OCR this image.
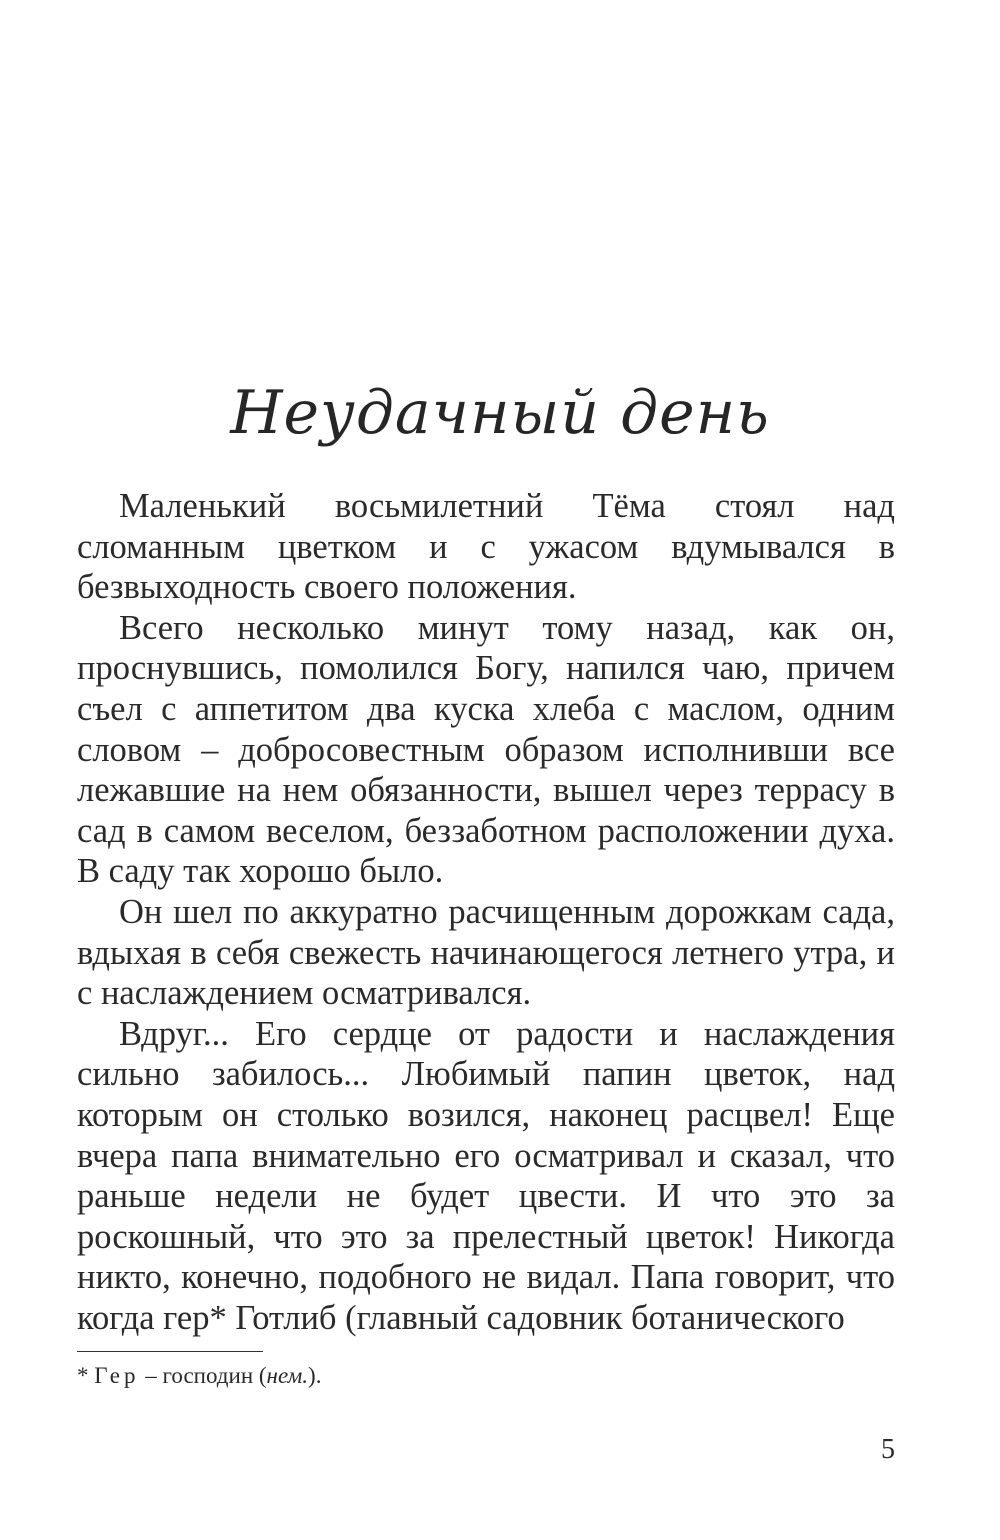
Неудачный день

Маленький восьмилетний Тёма стоял над сломанным цветком и с ужасом вдумывался в безвыходность своего положения.

Всего несколько минут тому назад, как он, проснувшись, помолился Богу, напился чаю, причем съел с аппетитом два куска хлеба с маслом, одним словом – добросовестным образом исполнивши все лежавшие на нем обязанности, вышел через террасу в сад в самом веселом, беззаботном расположении духа. В саду так хорошо было.

Он шел по аккуратно расчищенным дорожкам сада, вдыхая в себя свежесть начинающегося летнего утра, и с наслаждением осматривался.

Вдруг... Его сердце от радости и наслаждения сильно забилось... Любимый папин цветок, над которым он столько возился, наконец расцвел! Еще вчера папа внимательно его осматривал и сказал, что раньше недели не будет цвести. И что это за роскошный, что это за прелестный цветок! Никогда никто, конечно, подобного не видал. Папа говорит, что когда гер* Готлиб (главный садовник ботанического

* Гер – господин (нем.).
5
